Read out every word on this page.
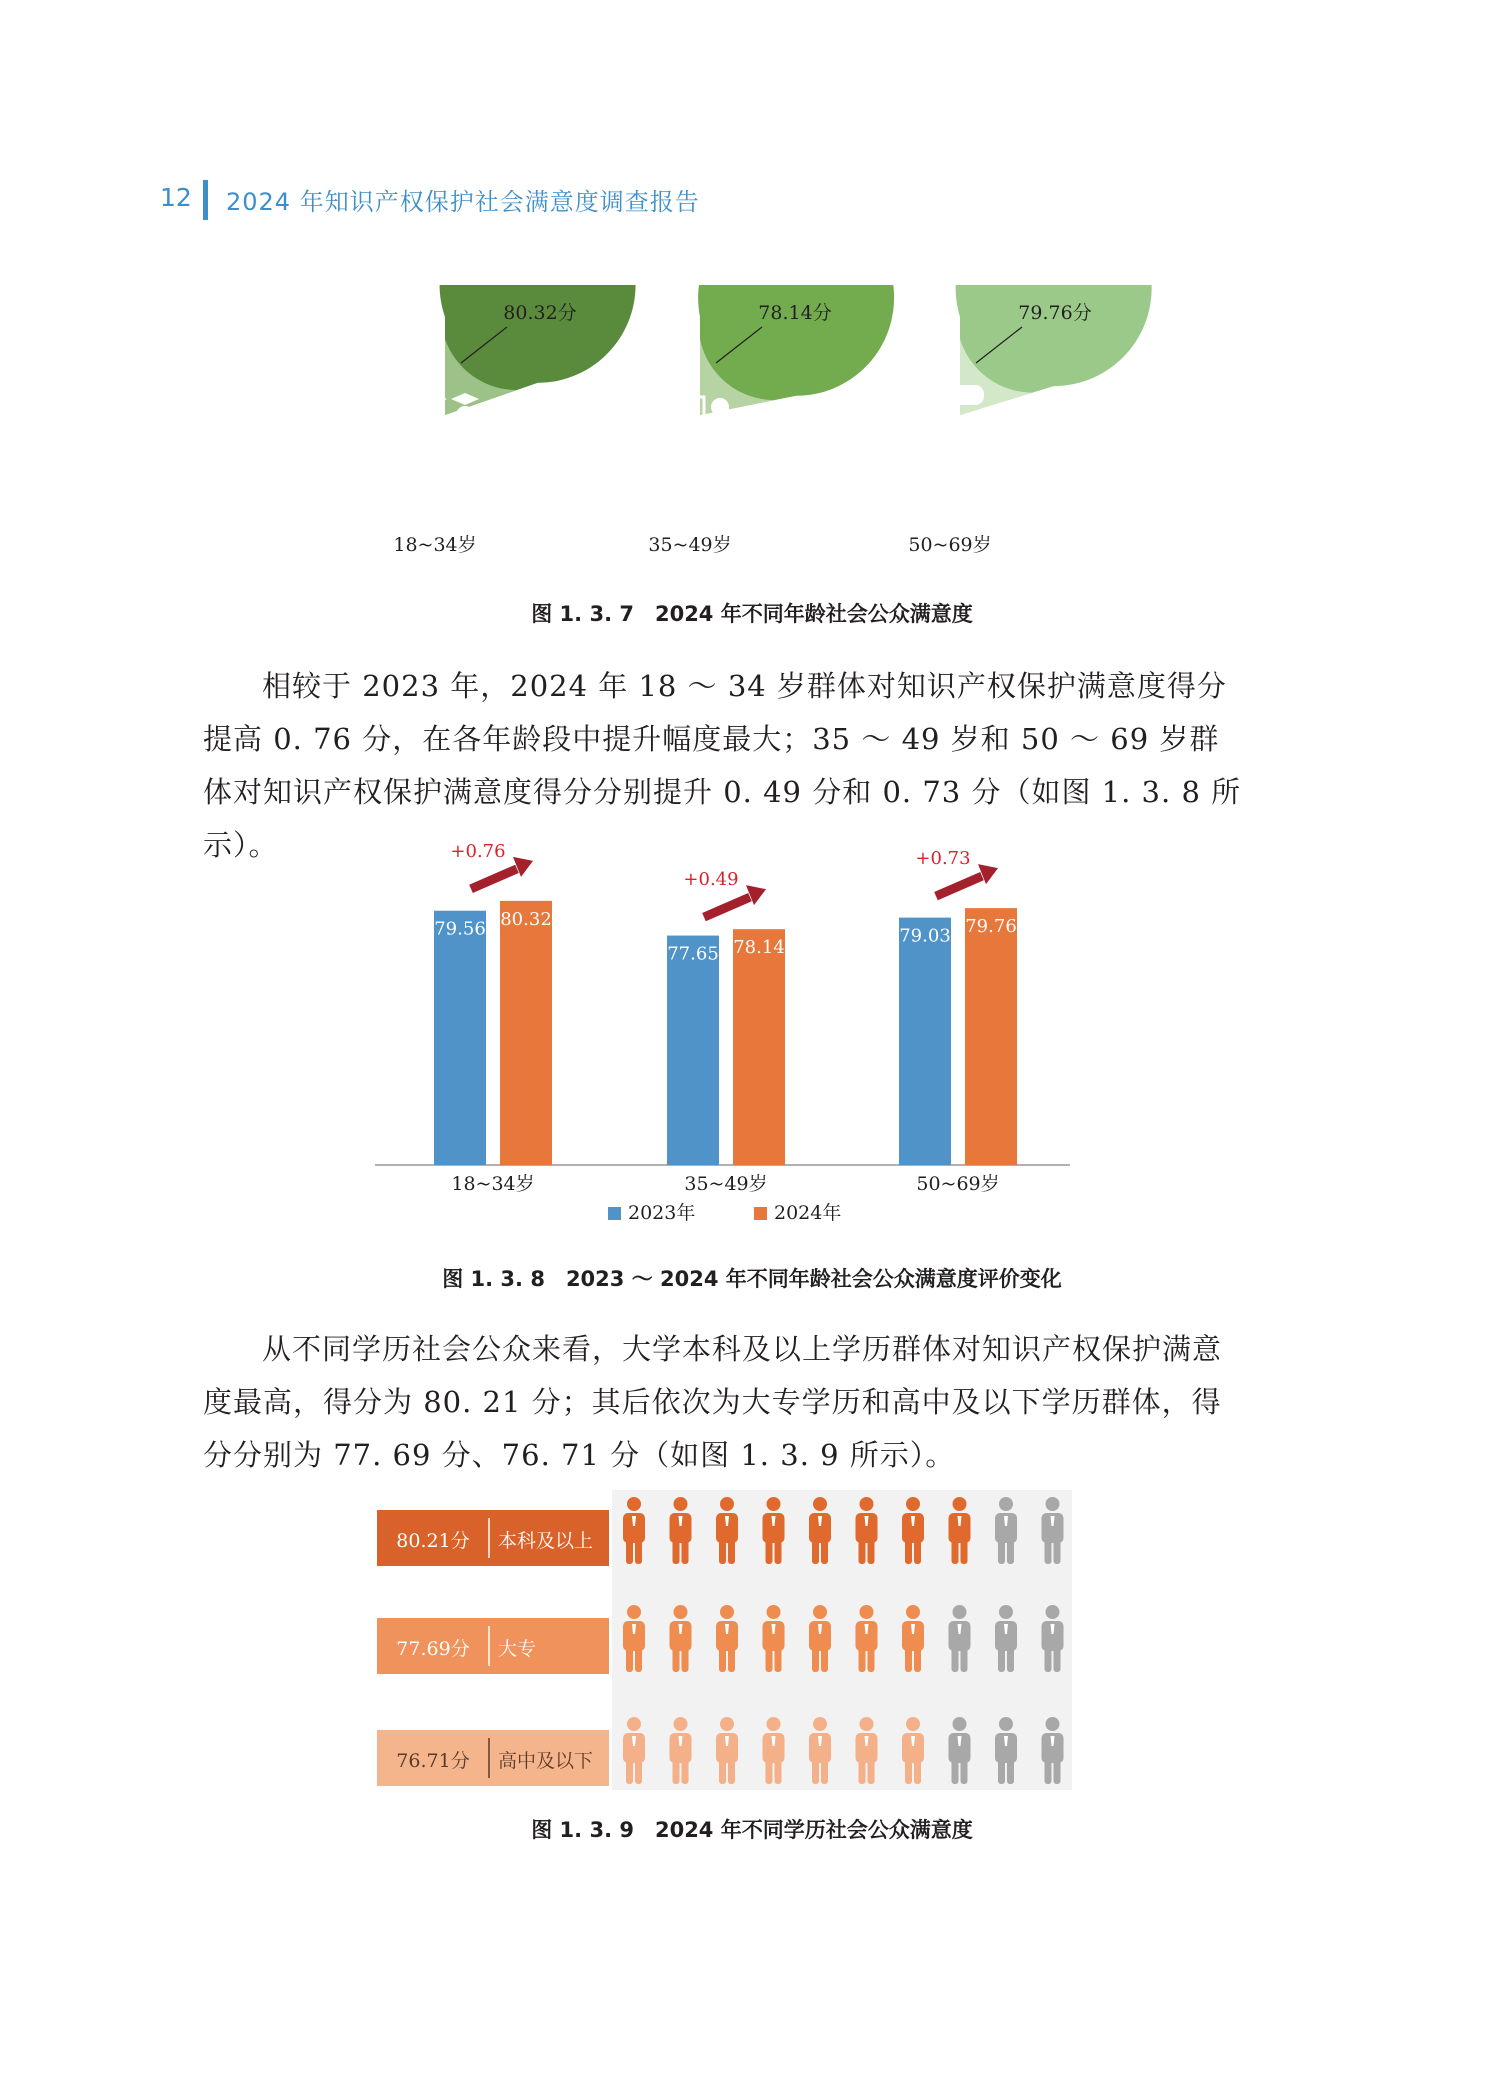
12 2024 年知识产权保护社会满意度调查报告
80.32分
18~34岁
78.14分
35~49岁
79.76分
50~69岁
图 1. 3. 7　2024 年不同年龄社会公众满意度

相较于 2023 年，2024 年 18 ～ 34 岁群体对知识产权保护满意度得分提高 0. 76 分，在各年龄段中提升幅度最大；35 ～ 49 岁和 50 ～ 69 岁群体对知识产权保护满意度得分分别提升 0. 49 分和 0. 73 分（如图 1. 3. 8 所示）。

79.56 80.32
+0.76
18~34岁
77.65 78.14
+0.49
35~49岁
79.03 79.76
+0.73
50~69岁
2023年	2024年
图 1. 3. 8　2023 ～ 2024 年不同年龄社会公众满意度评价变化

从不同学历社会公众来看，大学本科及以上学历群体对知识产权保护满意度最高，得分为 80. 21 分；其后依次为大专学历和高中及以下学历群体，得分分别为 77. 69 分、76. 71 分（如图 1. 3. 9 所示）。

80.21分 本科及以上
77.69分 大专
76.71分 高中及以下
图 1. 3. 9　2024 年不同学历社会公众满意度
